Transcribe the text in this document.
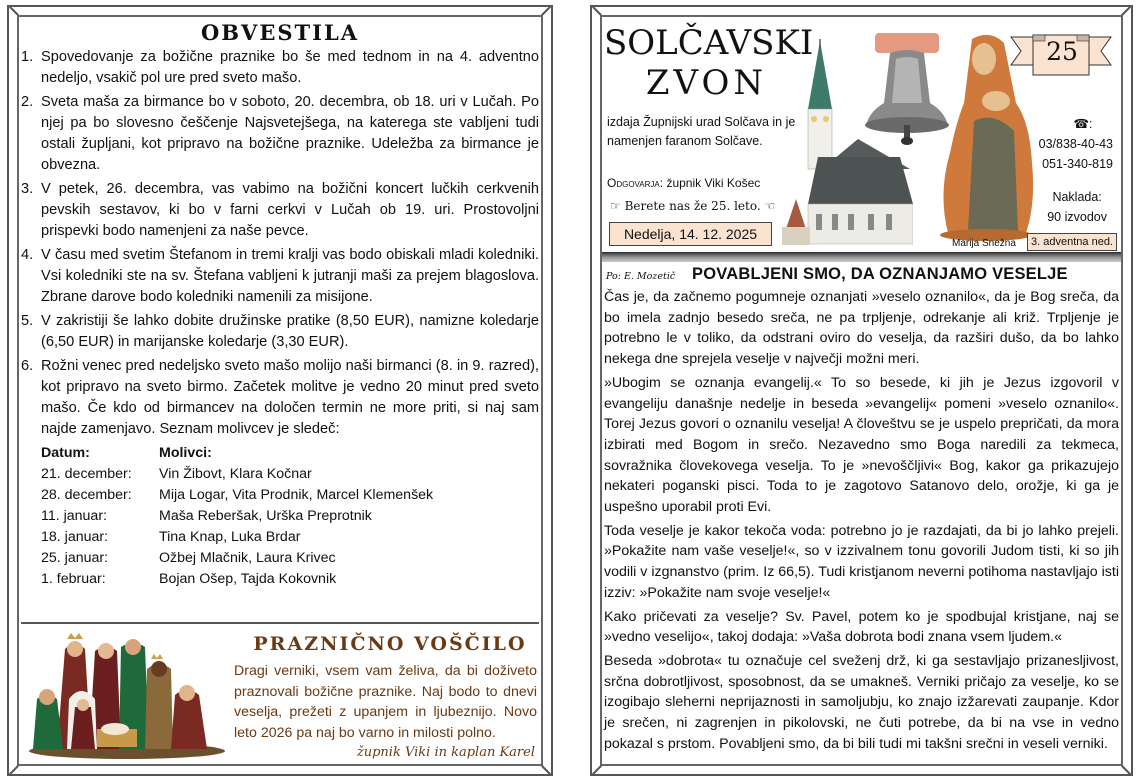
OBVESTILA
1. Spovedovanje za božične praznike bo še med tednom in na 4. adventno nedeljo, vsakič pol ure pred sveto mašo.
2. Sveta maša za birmance bo v soboto, 20. decembra, ob 18. uri v Lučah. Po njej pa bo slovesno češčenje Najsvetejšega, na katerega ste vabljeni tudi ostali župljani, kot pripravo na božične praznike. Udeležba za birmance je obvezna.
3. V petek, 26. decembra, vas vabimo na božični koncert lučkih cerkvenih pevskih sestavov, ki bo v farni cerkvi v Lučah ob 19. uri. Prostovoljni prispevki bodo namenjeni za naše pevce.
4. V času med svetim Štefanom in tremi kralji vas bodo obiskali mladi koledniki. Vsi koledniki ste na sv. Štefana vabljeni k jutranji maši za prejem blagoslova. Zbrane darove bodo koledniki namenili za misijone.
5. V zakristiji še lahko dobite družinske pratike (8,50 EUR), namizne koledarje (6,50 EUR) in marijanske koledarje (3,30 EUR).
6. Rožni venec pred nedeljsko sveto mašo molijo naši birmanci (8. in 9. razred), kot pripravo na sveto birmo. Začetek molitve je vedno 20 minut pred sveto mašo. Če kdo od birmancev na določen termin ne more priti, si naj sam najde zamenjavo. Seznam molivcev je sledeč:
Datum:	Molivci:
21. december:	Vin Žibovt, Klara Kočnar
28. december:	Mija Logar, Vita Prodnik, Marcel Klemenšek
11. januar:	Maša Reberšak, Urška Preprotnik
18. januar:	Tina Knap, Luka Brdar
25. januar:	Ožbej Mlačnik, Laura Krivec
1. februar:	Bojan Ošep, Tajda Kokovnik
PRAZNIČNO VOŠČILO
Dragi verniki, vsem vam želiva, da bi doživeto praznovali božične praznike. Naj bodo to dnevi veselja, prežeti z upanjem in ljubeznijo. Novo leto 2026 pa naj bo varno in milosti polno.
župnik Viki in kaplan Karel
SOLČAVSKI
ZVON
izdaja Župnijski urad Solčava in je namenjen faranom Solčave.
Odgovarja: župnik Viki Košec
☞ Berete nas že 25. leto. ☜
Nedelja, 14. 12. 2025
Marija Snežna
25
☎:
03/838-40-43
051-340-819
Naklada:
90 izvodov
3. adventna ned.
Po: E. Mozetič	POVABLJENI SMO, DA OZNANJAMO VESELJE

Čas je, da začnemo pogumneje oznanjati »veselo oznanilo«, da je Bog sreča, da bo imela zadnjo besedo sreča, ne pa trpljenje, odrekanje ali križ. Trpljenje je potrebno le v toliko, da odstrani oviro do veselja, da razširi dušo, da bo lahko nekega dne sprejela veselje v največji možni meri.

»Ubogim se oznanja evangelij.« To so besede, ki jih je Jezus izgovoril v evangeliju današnje nedelje in beseda »evangelij« pomeni »veselo oznanilo«. Torej Jezus govori o oznanilu veselja! A človeštvu se je uspelo prepričati, da mora izbirati med Bogom in srečo. Nezavedno smo Boga naredili za tekmeca, sovražnika človekovega veselja. To je »nevoščljivi« Bog, kakor ga prikazujejo nekateri poganski pisci. Toda to je zagotovo Satanovo delo, orožje, ki ga je uspešno uporabil proti Evi.

Toda veselje je kakor tekoča voda: potrebno jo je razdajati, da bi jo lahko prejeli. »Pokažite nam vaše veselje!«, so v izzivalnem tonu govorili Judom tisti, ki so jih vodili v izgnanstvo (prim. Iz 66,5). Tudi kristjanom neverni potihoma nastavljajo isti izziv: »Pokažite nam svoje veselje!«

Kako pričevati za veselje? Sv. Pavel, potem ko je spodbujal kristjane, naj se »vedno veselijo«, takoj dodaja: »Vaša dobrota bodi znana vsem ljudem.«

Beseda »dobrota« tu označuje cel sveženj drž, ki ga sestavljajo prizanesljivost, srčna dobrotljivost, sposobnost, da se umakneš. Verniki pričajo za veselje, ko se izogibajo sleherni neprijaznosti in samoljubju, ko znajo izžarevati zaupanje. Kdor je srečen, ni zagrenjen in pikolovski, ne čuti potrebe, da bi na vse in vedno pokazal s prstom. Povabljeni smo, da bi bili tudi mi takšni srečni in veseli verniki.
